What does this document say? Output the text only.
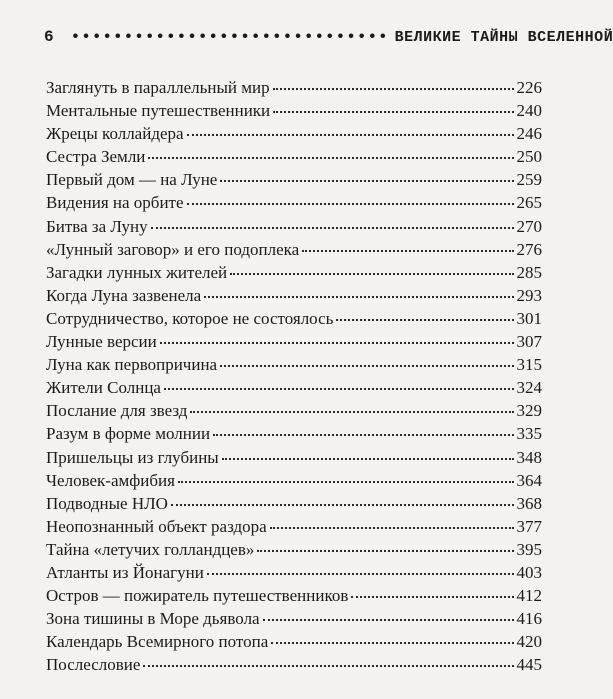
6 •••••••••••••••••••••••••••••• ВЕЛИКИЕ ТАЙНЫ ВСЕЛЕННОЙ
Заглянуть в параллельный мир	226
Ментальные путешественники	240
Жрецы коллайдера	246
Сестра Земли	250
Первый дом — на Луне	259
Видения на орбите	265
Битва за Луну	270
«Лунный заговор» и его подоплека	276
Загадки лунных жителей	285
Когда Луна зазвенела	293
Сотрудничество, которое не состоялось	301
Лунные версии	307
Луна как первопричина	315
Жители Солнца	324
Послание для звезд	329
Разум в форме молнии	335
Пришельцы из глубины	348
Человек-амфибия	364
Подводные НЛО	368
Неопознанный объект раздора	377
Тайна «летучих голландцев»	395
Атланты из Йонагуни	403
Остров — пожиратель путешественников	412
Зона тишины в Море дьявола	416
Календарь Всемирного потопа	420
Послесловие	445
